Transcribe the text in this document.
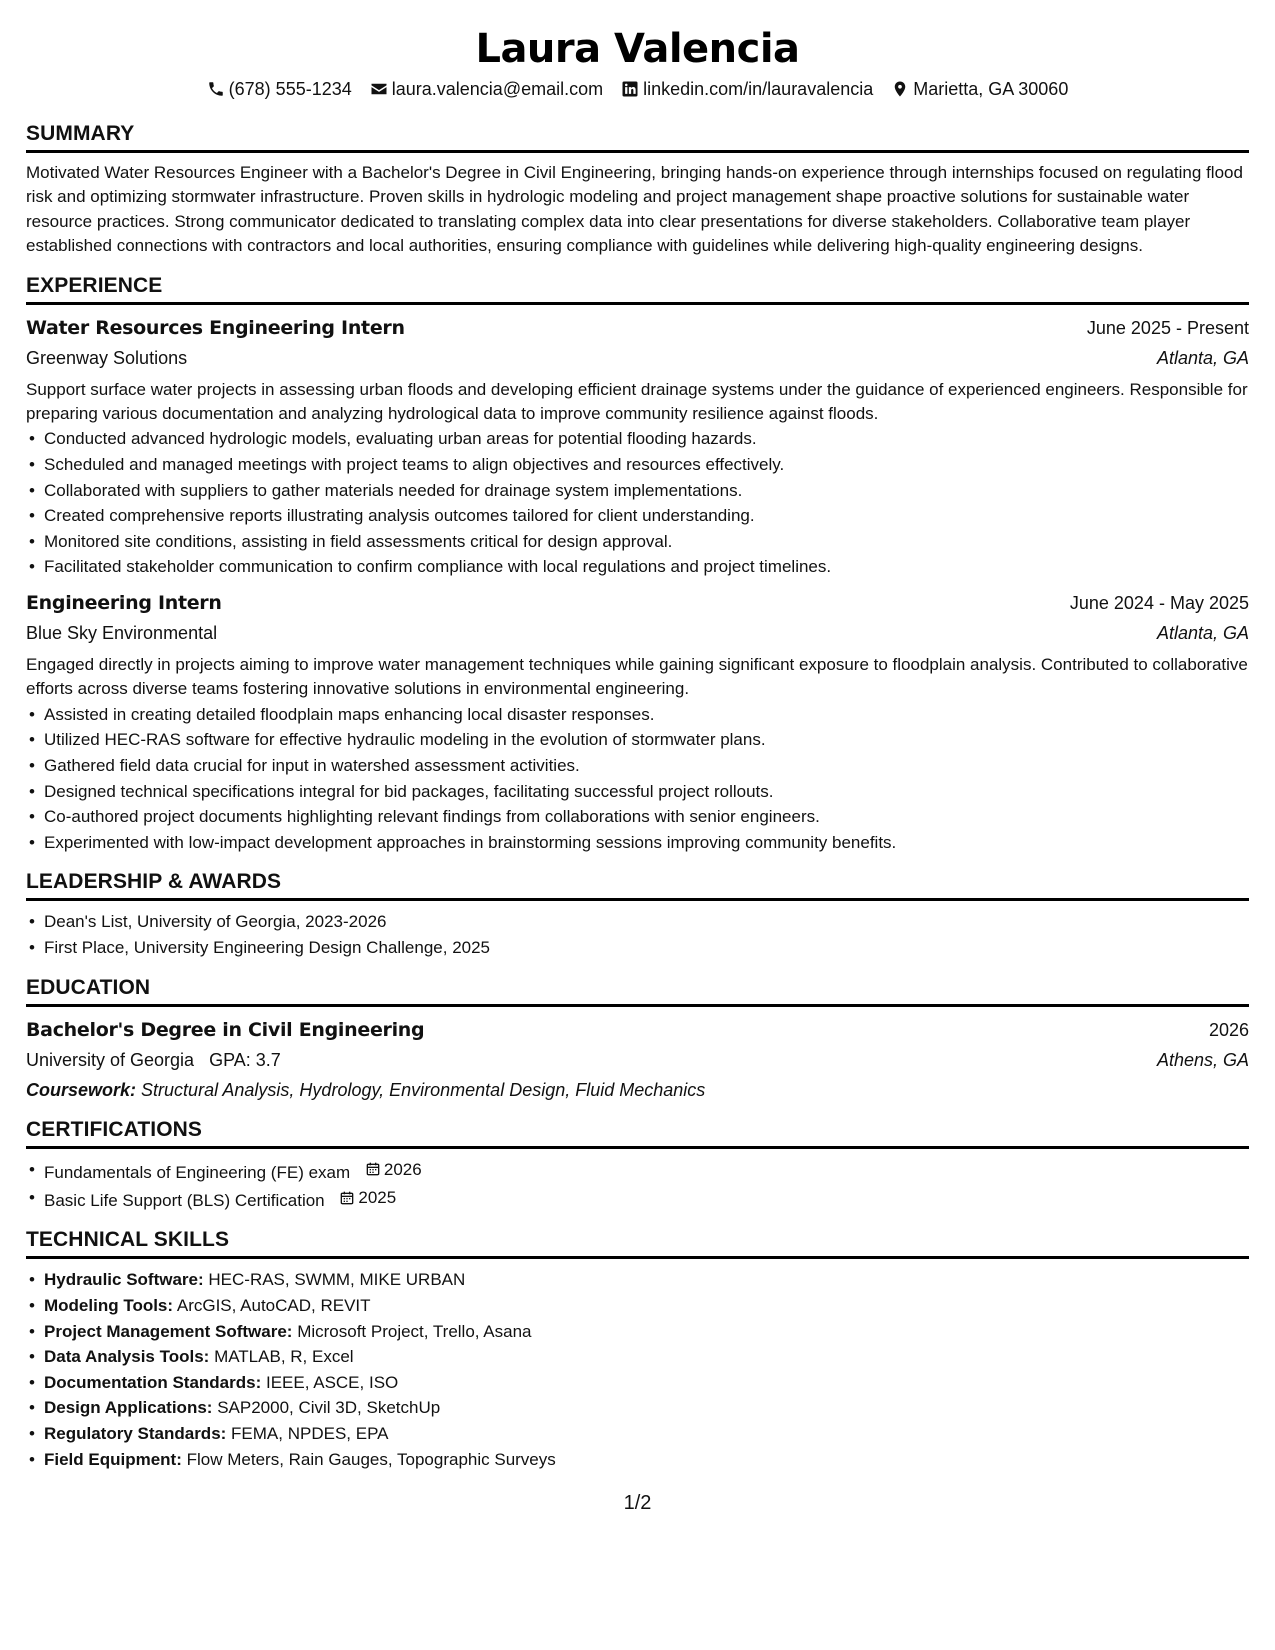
Laura Valencia
(678) 555-1234 laura.valencia@email.com linkedin.com/in/lauravalencia Marietta, GA 30060
SUMMARY
Motivated Water Resources Engineer with a Bachelor's Degree in Civil Engineering, bringing hands-on experience through internships focused on regulating flood risk and optimizing stormwater infrastructure. Proven skills in hydrologic modeling and project management shape proactive solutions for sustainable water resource practices. Strong communicator dedicated to translating complex data into clear presentations for diverse stakeholders. Collaborative team player established connections with contractors and local authorities, ensuring compliance with guidelines while delivering high-quality engineering designs.
EXPERIENCE
Water Resources Engineering Intern	June 2025 - Present
Greenway Solutions	Atlanta, GA
Support surface water projects in assessing urban floods and developing efficient drainage systems under the guidance of experienced engineers. Responsible for preparing various documentation and analyzing hydrological data to improve community resilience against floods.
• Conducted advanced hydrologic models, evaluating urban areas for potential flooding hazards.
• Scheduled and managed meetings with project teams to align objectives and resources effectively.
• Collaborated with suppliers to gather materials needed for drainage system implementations.
• Created comprehensive reports illustrating analysis outcomes tailored for client understanding.
• Monitored site conditions, assisting in field assessments critical for design approval.
• Facilitated stakeholder communication to confirm compliance with local regulations and project timelines.
Engineering Intern	June 2024 - May 2025
Blue Sky Environmental	Atlanta, GA
Engaged directly in projects aiming to improve water management techniques while gaining significant exposure to floodplain analysis. Contributed to collaborative efforts across diverse teams fostering innovative solutions in environmental engineering.
• Assisted in creating detailed floodplain maps enhancing local disaster responses.
• Utilized HEC-RAS software for effective hydraulic modeling in the evolution of stormwater plans.
• Gathered field data crucial for input in watershed assessment activities.
• Designed technical specifications integral for bid packages, facilitating successful project rollouts.
• Co-authored project documents highlighting relevant findings from collaborations with senior engineers.
• Experimented with low-impact development approaches in brainstorming sessions improving community benefits.
LEADERSHIP & AWARDS
• Dean's List, University of Georgia, 2023-2026
• First Place, University Engineering Design Challenge, 2025
EDUCATION
Bachelor's Degree in Civil Engineering	2026
University of Georgia GPA: 3.7	Athens, GA
Coursework: Structural Analysis, Hydrology, Environmental Design, Fluid Mechanics
CERTIFICATIONS
• Fundamentals of Engineering (FE) exam 2026
• Basic Life Support (BLS) Certification 2025
TECHNICAL SKILLS
• Hydraulic Software: HEC-RAS, SWMM, MIKE URBAN
• Modeling Tools: ArcGIS, AutoCAD, REVIT
• Project Management Software: Microsoft Project, Trello, Asana
• Data Analysis Tools: MATLAB, R, Excel
• Documentation Standards: IEEE, ASCE, ISO
• Design Applications: SAP2000, Civil 3D, SketchUp
• Regulatory Standards: FEMA, NPDES, EPA
• Field Equipment: Flow Meters, Rain Gauges, Topographic Surveys
1/2
